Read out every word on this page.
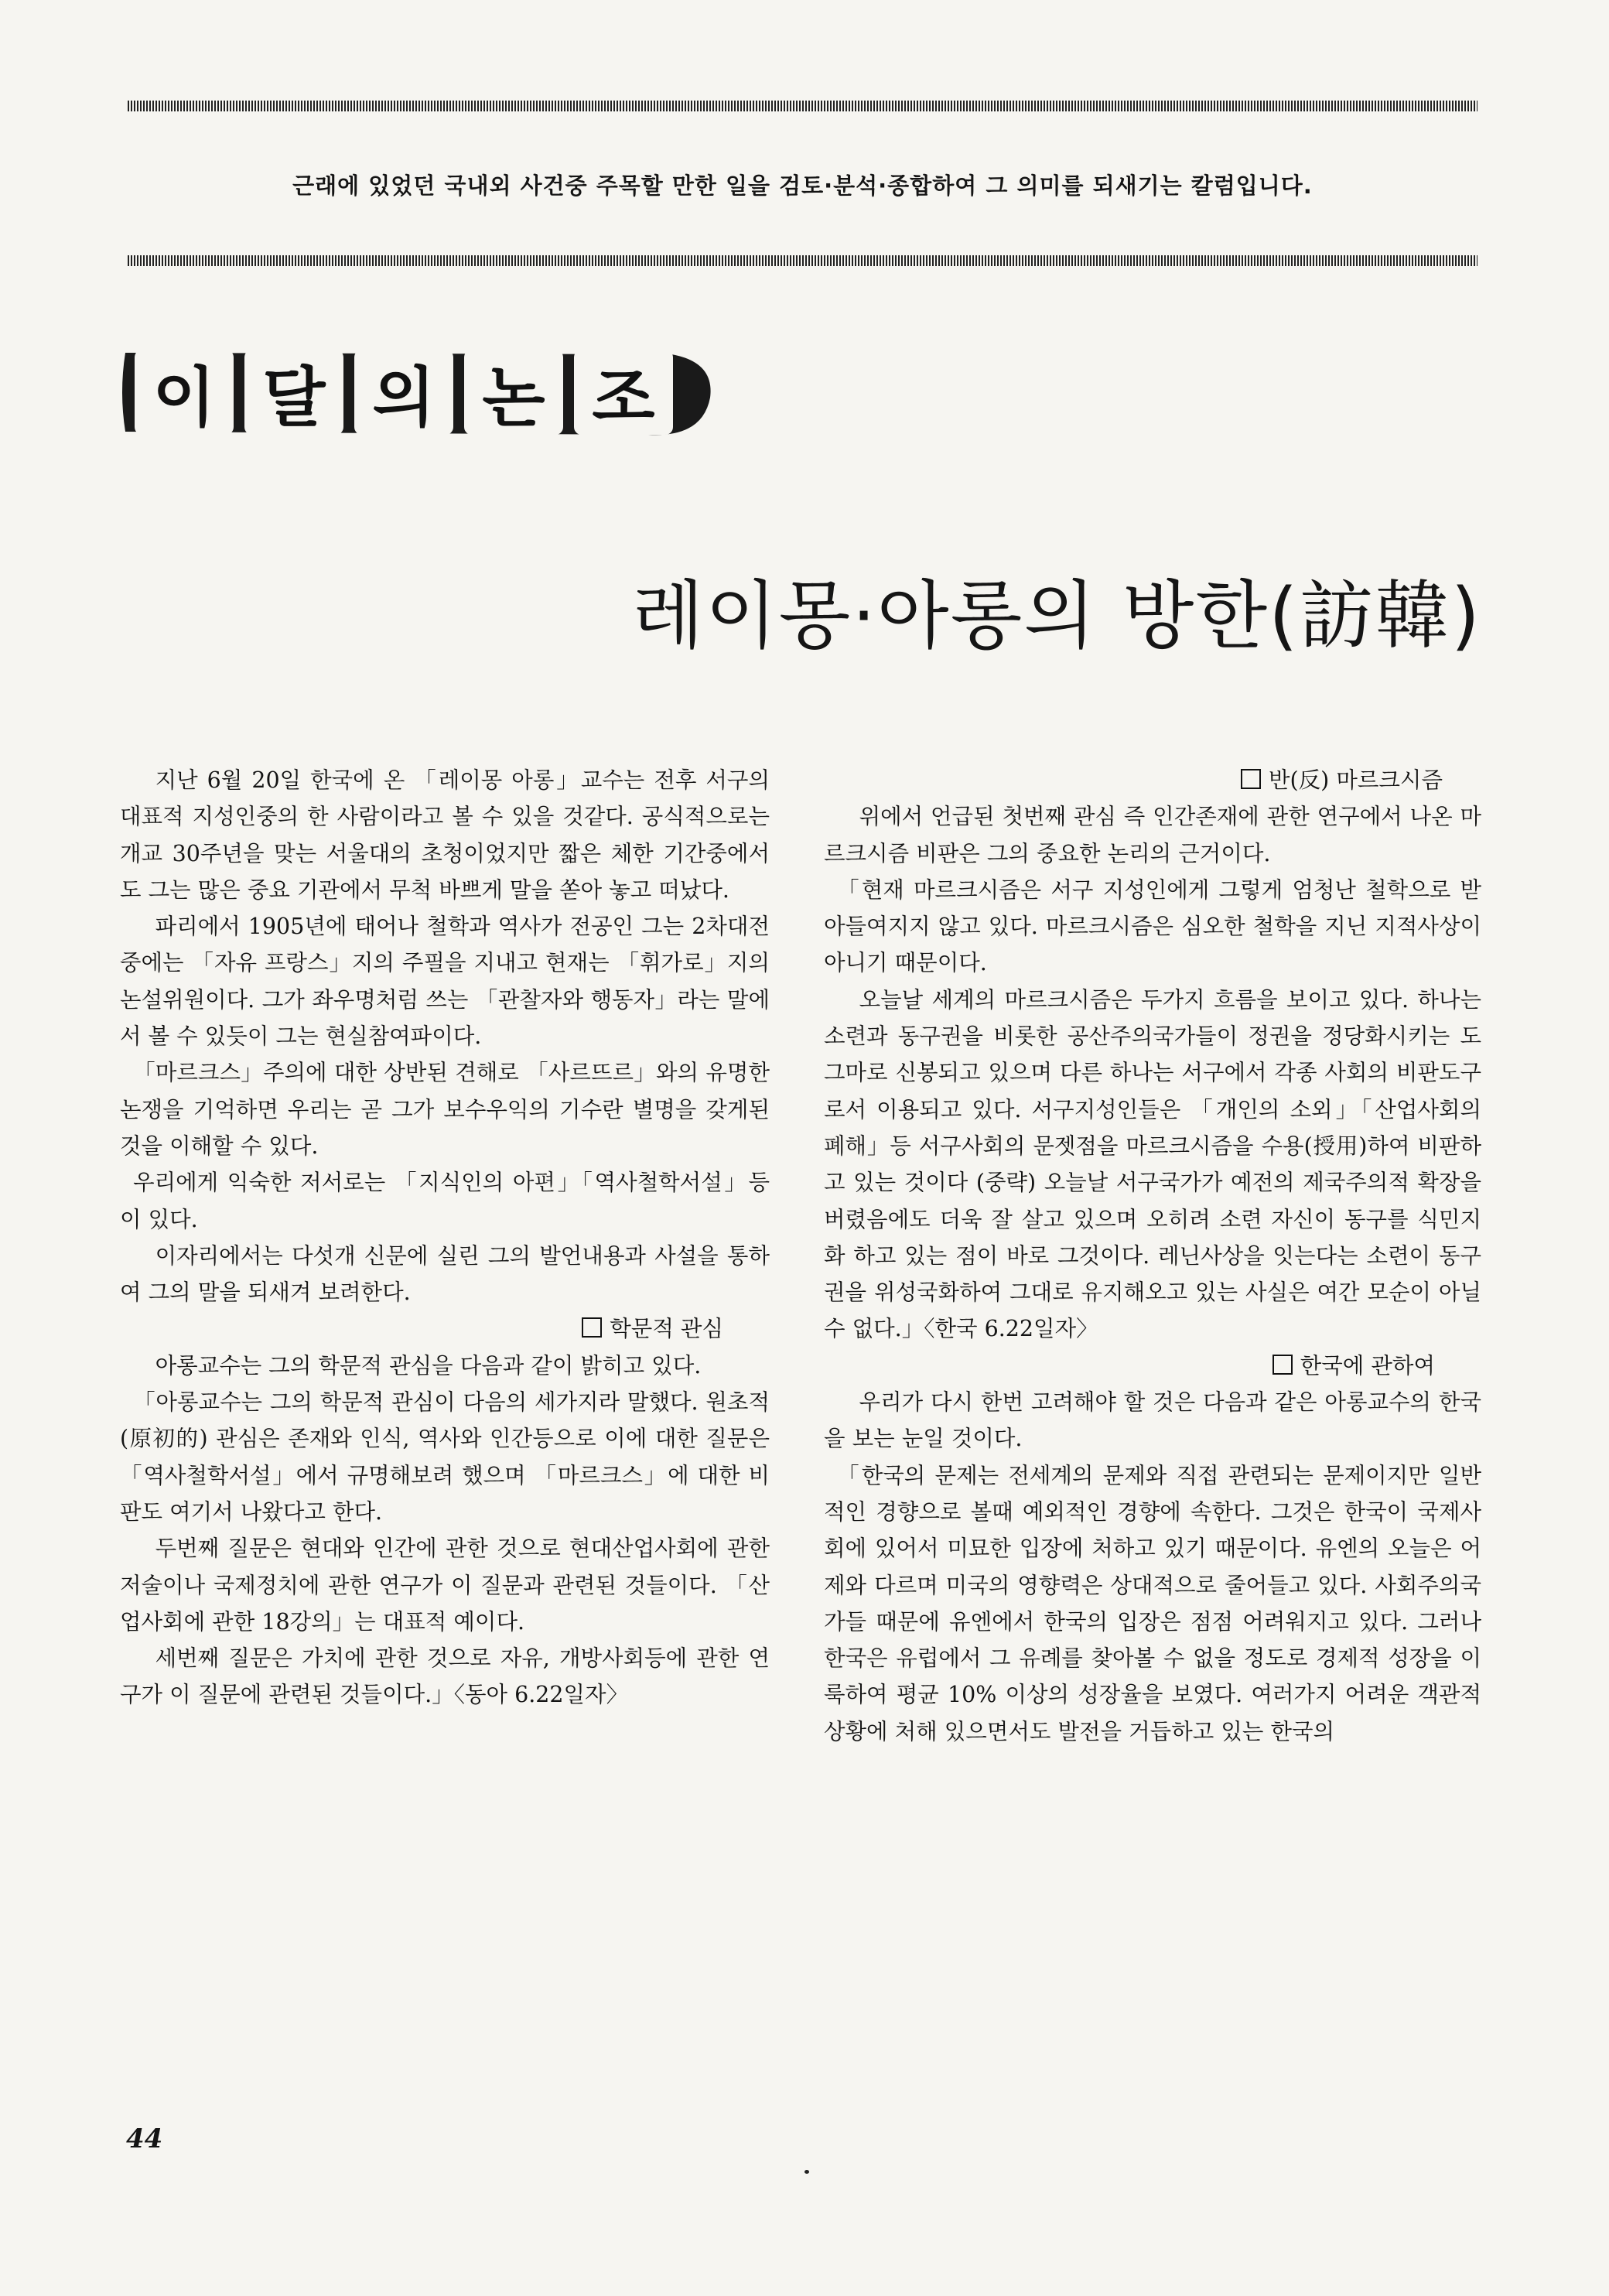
근래에 있었던 국내외 사건중 주목할 만한 일을 검토·분석·종합하여 그 의미를 되새기는 칼럼입니다.
이 달 의 논 조
레이몽·아롱의 방한(訪韓)

지난 6월 20일 한국에 온 「레이몽 아롱」교수는 전후 서구의 대표적 지성인중의 한 사람이라고 볼 수 있을 것같다. 공식적으로는 개교 30주년을 맞는 서울대의 초청이었지만 짧은 체한 기간중에서도 그는 많은 중요 기관에서 무척 바쁘게 말을 쏟아 놓고 떠났다.

파리에서 1905년에 태어나 철학과 역사가 전공인 그는 2차대전중에는 「자유 프랑스」지의 주필을 지내고 현재는 「휘가로」지의 논설위원이다. 그가 좌우명처럼 쓰는 「관찰자와 행동자」라는 말에서 볼 수 있듯이 그는 현실참여파이다.

「마르크스」주의에 대한 상반된 견해로 「사르뜨르」와의 유명한 논쟁을 기억하면 우리는 곧 그가 보수우익의 기수란 별명을 갖게된 것을 이해할 수 있다.

우리에게 익숙한 저서로는 「지식인의 아편」「역사철학서설」등이 있다.

이자리에서는 다섯개 신문에 실린 그의 발언내용과 사설을 통하여 그의 말을 되새겨 보려한다.

학문적 관심

아롱교수는 그의 학문적 관심을 다음과 같이 밝히고 있다.

「아롱교수는 그의 학문적 관심이 다음의 세가지라 말했다. 원초적(原初的) 관심은 존재와 인식, 역사와 인간등으로 이에 대한 질문은 「역사철학서설」에서 규명해보려 했으며 「마르크스」에 대한 비판도 여기서 나왔다고 한다.

두번째 질문은 현대와 인간에 관한 것으로 현대산업사회에 관한 저술이나 국제정치에 관한 연구가 이 질문과 관련된 것들이다. 「산업사회에 관한 18강의」는 대표적 예이다.

세번째 질문은 가치에 관한 것으로 자유, 개방사회등에 관한 연구가 이 질문에 관련된 것들이다.」〈동아 6.22일자〉

반(反) 마르크시즘

위에서 언급된 첫번째 관심 즉 인간존재에 관한 연구에서 나온 마르크시즘 비판은 그의 중요한 논리의 근거이다.

「현재 마르크시즘은 서구 지성인에게 그렇게 엄청난 철학으로 받아들여지지 않고 있다. 마르크시즘은 심오한 철학을 지닌 지적사상이 아니기 때문이다.

오늘날 세계의 마르크시즘은 두가지 흐름을 보이고 있다. 하나는 소련과 동구권을 비롯한 공산주의국가들이 정권을 정당화시키는 도그마로 신봉되고 있으며 다른 하나는 서구에서 각종 사회의 비판도구로서 이용되고 있다. 서구지성인들은 「개인의 소외」「산업사회의 폐해」등 서구사회의 문젯점을 마르크시즘을 수용(授用)하여 비판하고 있는 것이다 (중략) 오늘날 서구국가가 예전의 제국주의적 확장을 버렸음에도 더욱 잘 살고 있으며 오히려 소련 자신이 동구를 식민지화 하고 있는 점이 바로 그것이다. 레닌사상을 잇는다는 소련이 동구권을 위성국화하여 그대로 유지해오고 있는 사실은 여간 모순이 아닐 수 없다.」〈한국 6.22일자〉

한국에 관하여

우리가 다시 한번 고려해야 할 것은 다음과 같은 아롱교수의 한국을 보는 눈일 것이다.

「한국의 문제는 전세계의 문제와 직접 관련되는 문제이지만 일반적인 경향으로 볼때 예외적인 경향에 속한다. 그것은 한국이 국제사회에 있어서 미묘한 입장에 처하고 있기 때문이다. 유엔의 오늘은 어제와 다르며 미국의 영향력은 상대적으로 줄어들고 있다. 사회주의국가들 때문에 유엔에서 한국의 입장은 점점 어려워지고 있다. 그러나 한국은 유럽에서 그 유례를 찾아볼 수 없을 정도로 경제적 성장을 이룩하여 평균 10% 이상의 성장율을 보였다. 여러가지 어려운 객관적 상황에 처해 있으면서도 발전을 거듭하고 있는 한국의

44
